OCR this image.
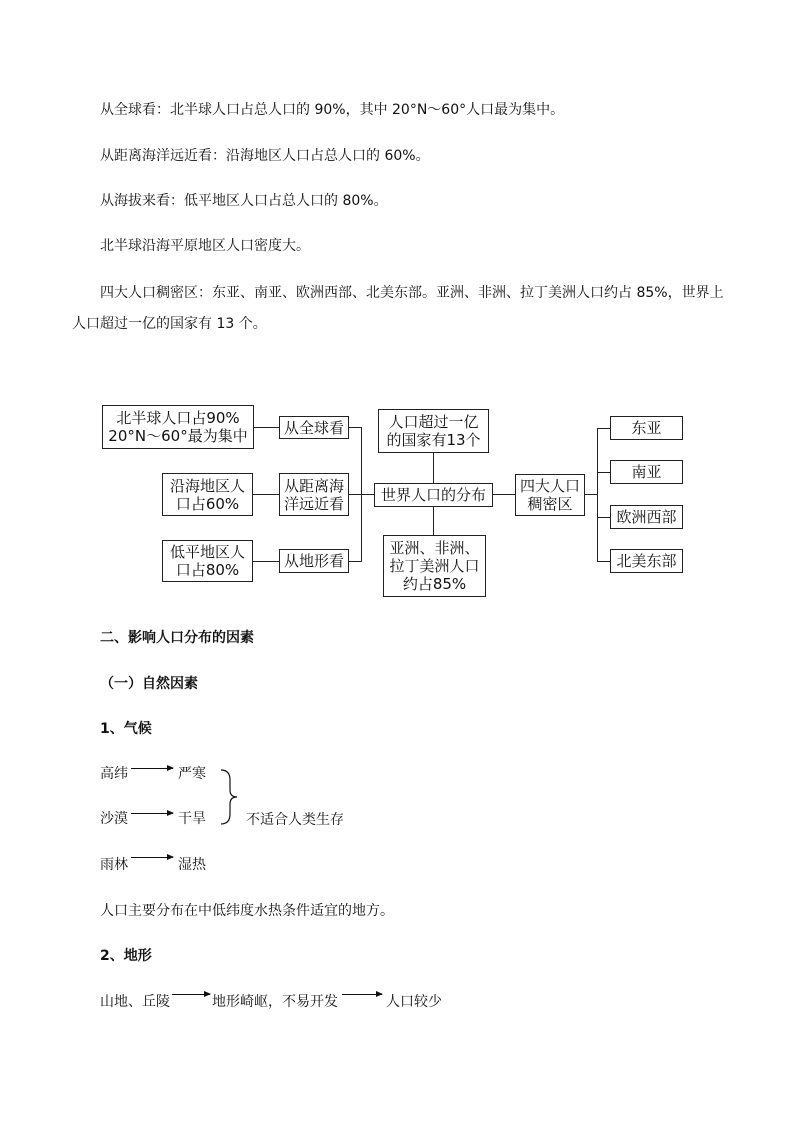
从全球看：北半球人口占总人口的 90%，其中 20°N～60°人口最为集中。
从距离海洋远近看：沿海地区人口占总人口的 60%。
从海拔来看：低平地区人口占总人口的 80%。
北半球沿海平原地区人口密度大。
四大人口稠密区：东亚、南亚、欧洲西部、北美东部。亚洲、非洲、拉丁美洲人口约占 85%，世界上
人口超过一亿的国家有 13 个。
北半球人口占90%
20°N～60°最为集中	从全球看
沿海地区人
口占60%
从距离海
洋远近看
低平地区人
口占80%	从地形看
世界人口的分布
人口超过一亿
的国家有13个
亚洲、非洲、
拉丁美洲人口
约占85%
四大人口
稠密区
东亚
南亚
欧洲西部
北美东部
二、影响人口分布的因素
（一）自然因素
1、气候
高纬	严寒
沙漠	干旱	不适合人类生存
雨林	湿热
人口主要分布在中低纬度水热条件适宜的地方。
2、地形
山地、丘陵	地形崎岖，不易开发	人口较少
